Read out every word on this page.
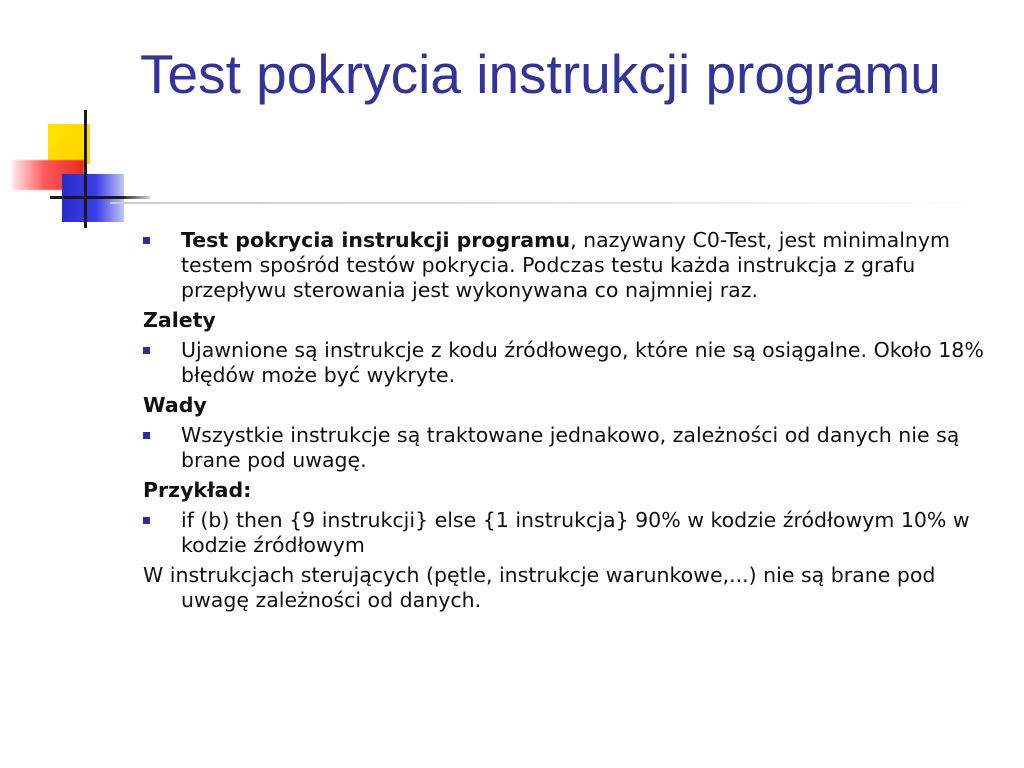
Test pokrycia instrukcji programu

Test pokrycia instrukcji programu, nazywany C0-Test, jest minimalnym testem spośród testów pokrycia. Podczas testu każda instrukcja z grafu przepływu sterowania jest wykonywana co najmniej raz.

Zalety

Ujawnione są instrukcje z kodu źródłowego, które nie są osiągalne. Około 18% błędów może być wykryte.

Wady

Wszystkie instrukcje są traktowane jednakowo, zależności od danych nie są brane pod uwagę.

Przykład:

if (b) then {9 instrukcji} else {1 instrukcja} 90% w kodzie źródłowym 10% w kodzie źródłowym

W instrukcjach sterujących (pętle, instrukcje warunkowe,...) nie są brane pod uwagę zależności od danych.
